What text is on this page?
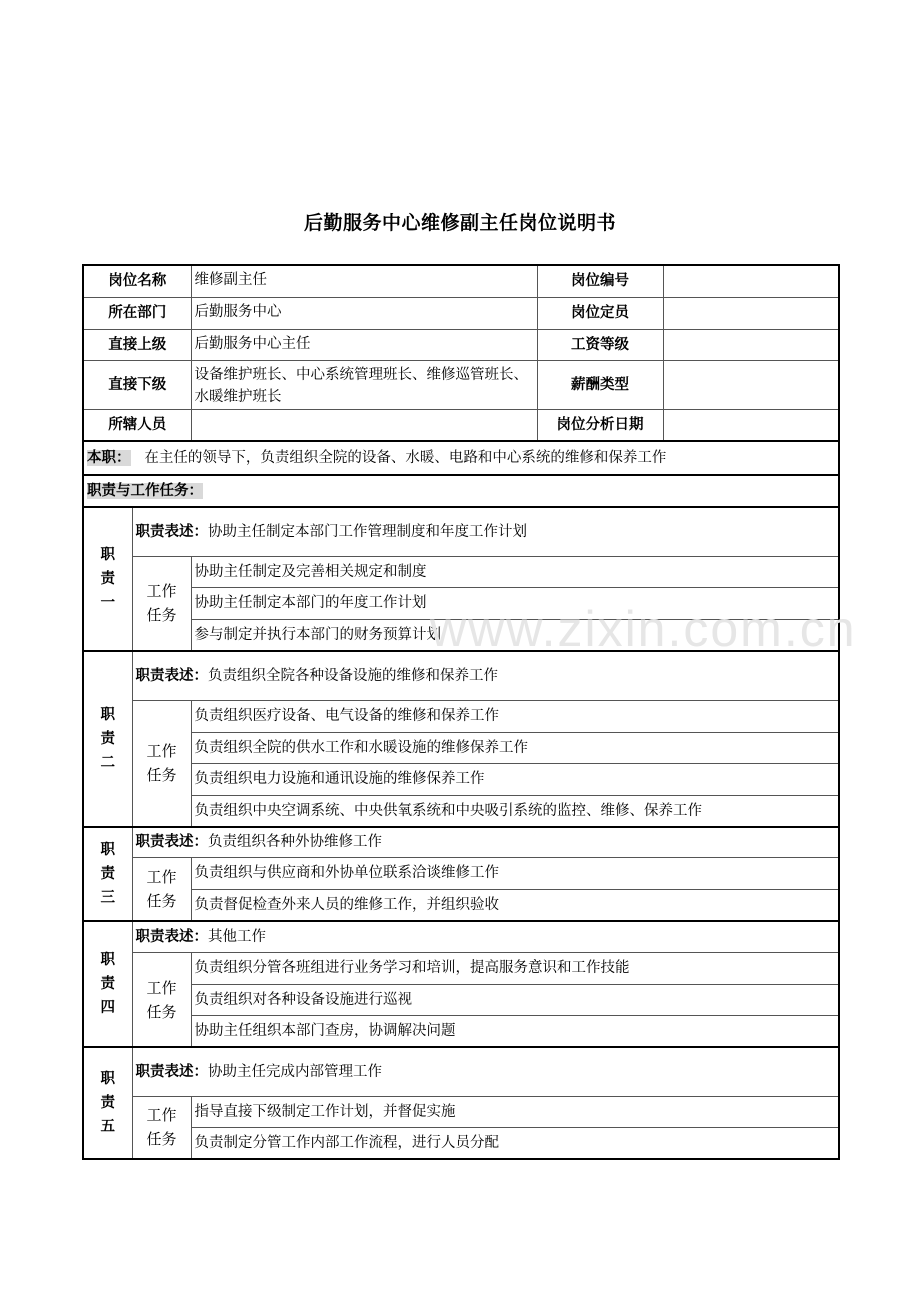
后勤服务中心维修副主任岗位说明书
岗位名称		维修副主任	岗位编号	
所在部门		后勤服务中心	岗位定员	
直接上级		后勤服务中心主任	工资等级	
直接下级		设备维护班长、中心系统管理班长、维修巡管班长、水暖维护班长	薪酬类型	
所辖人员			岗位分析日期	
本职： 在主任的领导下，负责组织全院的设备、水暖、电路和中心系统的维修和保养工作				
职责与工作任务：				
职责一	职责表述：协助主任制定本部门工作管理制度和年度工作计划			
	工作任务	协助主任制定及完善相关规定和制度		
		协助主任制定本部门的年度工作计划		
		参与制定并执行本部门的财务预算计划		
职责二	职责表述：负责组织全院各种设备设施的维修和保养工作			
	工作任务	负责组织医疗设备、电气设备的维修和保养工作		
		负责组织全院的供水工作和水暖设施的维修保养工作		
		负责组织电力设施和通讯设施的维修保养工作		
		负责组织中央空调系统、中央供氧系统和中央吸引系统的监控、维修、保养工作		
职责三	职责表述：负责组织各种外协维修工作			
	工作任务	负责组织与供应商和外协单位联系洽谈维修工作		
		负责督促检查外来人员的维修工作，并组织验收		
职责四	职责表述：其他工作			
	工作任务	负责组织分管各班组进行业务学习和培训，提高服务意识和工作技能		
		负责组织对各种设备设施进行巡视		
		协助主任组织本部门查房，协调解决问题		
职责五	职责表述：协助主任完成内部管理工作			
	工作任务	指导直接下级制定工作计划，并督促实施		
		负责制定分管工作内部工作流程，进行人员分配		
www.zixin.com.cn
